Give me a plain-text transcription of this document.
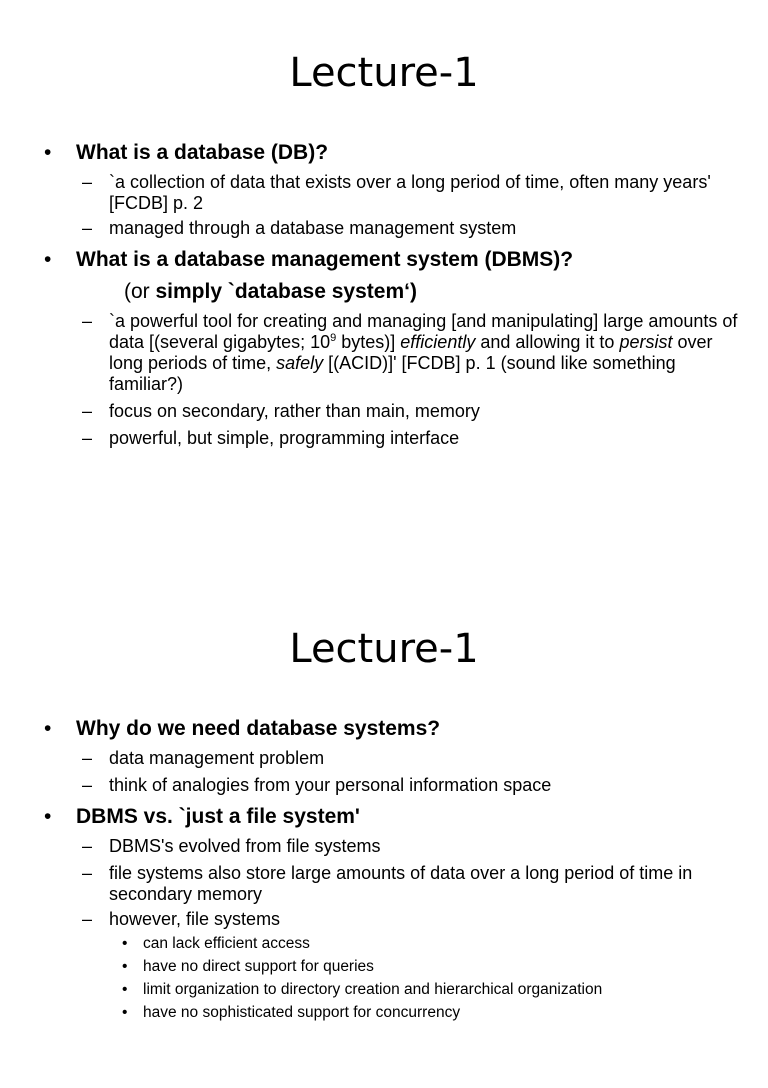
Lecture-1
• What is a database (DB)?
– `a collection of data that exists over a long period of time, often many years' [FCDB] p. 2
– managed through a database management system
• What is a database management system (DBMS)?
(or simply `database system‘)
– `a powerful tool for creating and managing [and manipulating] large amounts of data [(several gigabytes; $10^9$ bytes)] efficiently and allowing it to persist over long periods of time, safely [(ACID)]' [FCDB] p. 1 (sound like something familiar?)
– focus on secondary, rather than main, memory
– powerful, but simple, programming interface
Lecture-1
• Why do we need database systems?
– data management problem
– think of analogies from your personal information space
• DBMS vs. `just a file system'
– DBMS's evolved from file systems
– file systems also store large amounts of data over a long period of time in secondary memory
– however, file systems
• can lack efficient access
• have no direct support for queries
• limit organization to directory creation and hierarchical organization
• have no sophisticated support for concurrency
